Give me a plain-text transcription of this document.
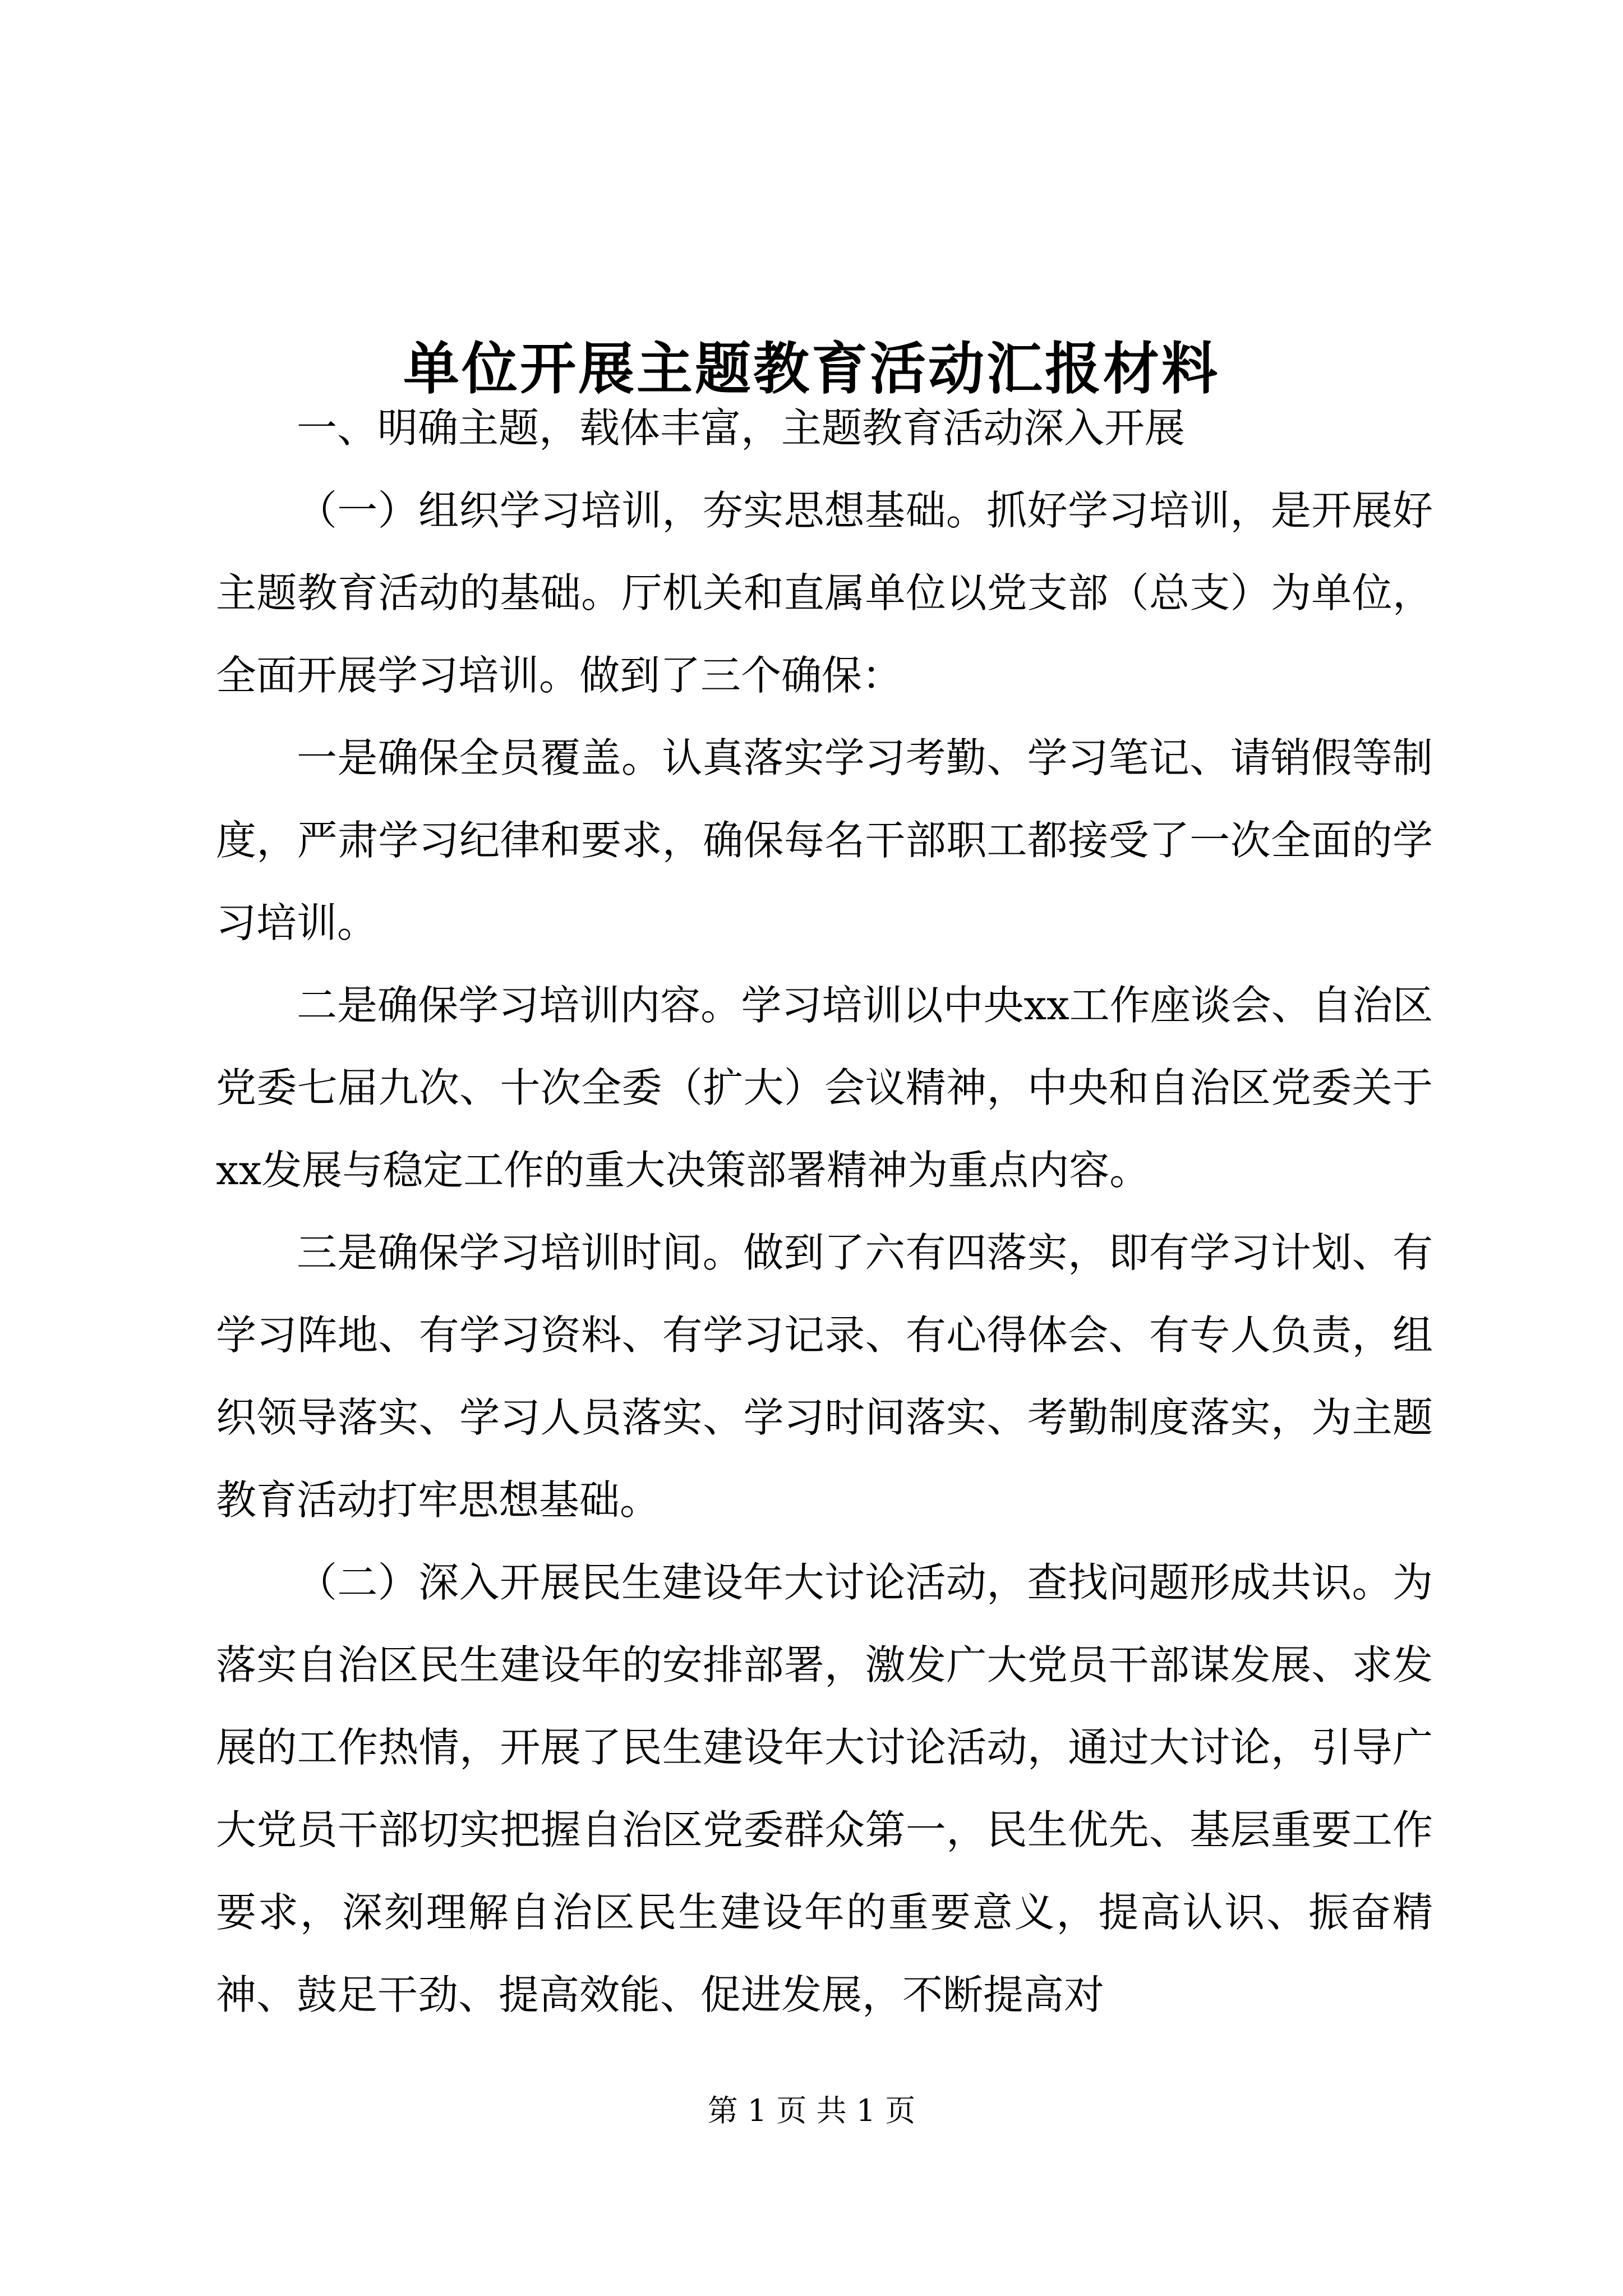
单位开展主题教育活动汇报材料

一、明确主题，载体丰富，主题教育活动深入开展

（一）组织学习培训，夯实思想基础。抓好学习培训，是开展好主题教育活动的基础。厅机关和直属单位以党支部（总支）为单位，全面开展学习培训。做到了三个确保：

一是确保全员覆盖。认真落实学习考勤、学习笔记、请销假等制度，严肃学习纪律和要求，确保每名干部职工都接受了一次全面的学习培训。

二是确保学习培训内容。学习培训以中央xx工作座谈会、自治区党委七届九次、十次全委（扩大）会议精神，中央和自治区党委关于xx发展与稳定工作的重大决策部署精神为重点内容。

三是确保学习培训时间。做到了六有四落实，即有学习计划、有学习阵地、有学习资料、有学习记录、有心得体会、有专人负责，组织领导落实、学习人员落实、学习时间落实、考勤制度落实，为主题教育活动打牢思想基础。

（二）深入开展民生建设年大讨论活动，查找问题形成共识。为落实自治区民生建设年的安排部署，激发广大党员干部谋发展、求发展的工作热情，开展了民生建设年大讨论活动，通过大讨论，引导广大党员干部切实把握自治区党委群众第一，民生优先、基层重要工作要求，深刻理解自治区民生建设年的重要意义，提高认识、振奋精神、鼓足干劲、提高效能、促进发展，不断提高对

第 1 页 共 1 页
